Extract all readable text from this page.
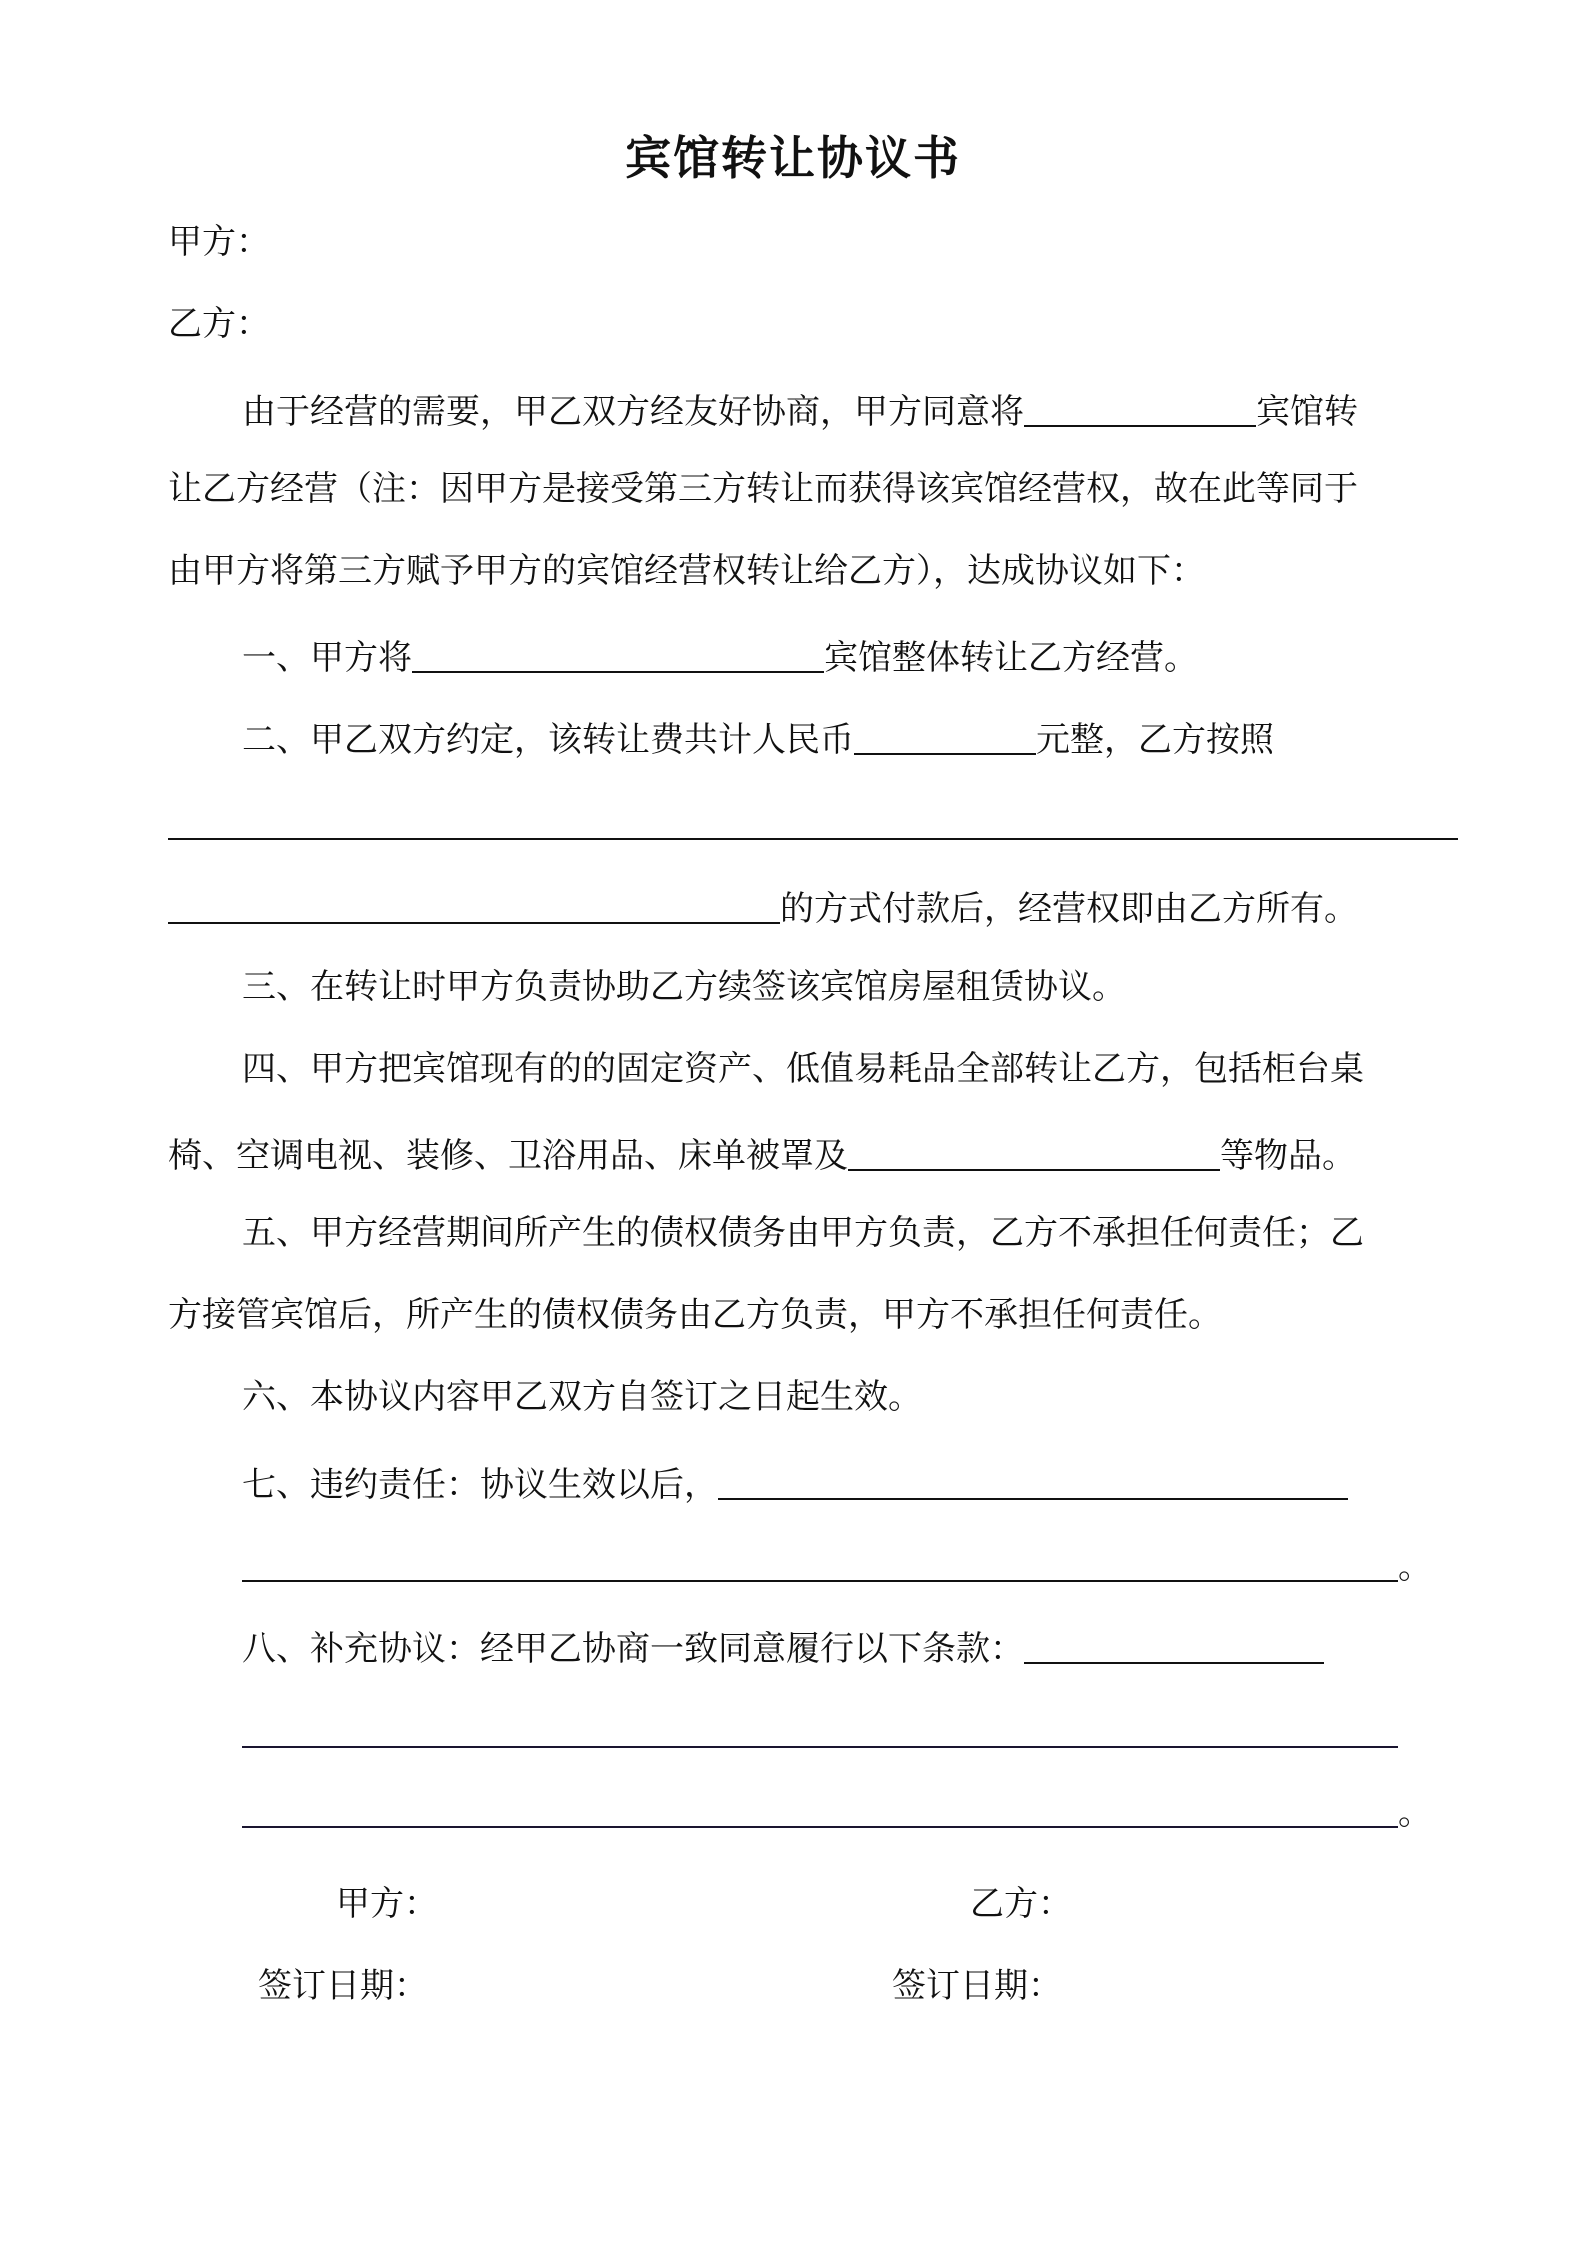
宾馆转让协议书
甲方：
乙方：
由于经营的需要，甲乙双方经友好协商，甲方同意将	宾馆转
让乙方经营（注：因甲方是接受第三方转让而获得该宾馆经营权，故在此等同于
由甲方将第三方赋予甲方的宾馆经营权转让给乙方），达成协议如下：
一、甲方将	宾馆整体转让乙方经营。
二、甲乙双方约定，该转让费共计人民币	元整，乙方按照
的方式付款后，经营权即由乙方所有。
三、在转让时甲方负责协助乙方续签该宾馆房屋租赁协议。
四、甲方把宾馆现有的的固定资产、低值易耗品全部转让乙方，包括柜台桌
椅、空调电视、装修、卫浴用品、床单被罩及	等物品。
五、甲方经营期间所产生的债权债务由甲方负责，乙方不承担任何责任；乙
方接管宾馆后，所产生的债权债务由乙方负责，甲方不承担任何责任。
六、本协议内容甲乙双方自签订之日起生效。
七、违约责任：协议生效以后，
。
八、补充协议：经甲乙协商一致同意履行以下条款：
。
甲方：	乙方：
签订日期：	签订日期：
